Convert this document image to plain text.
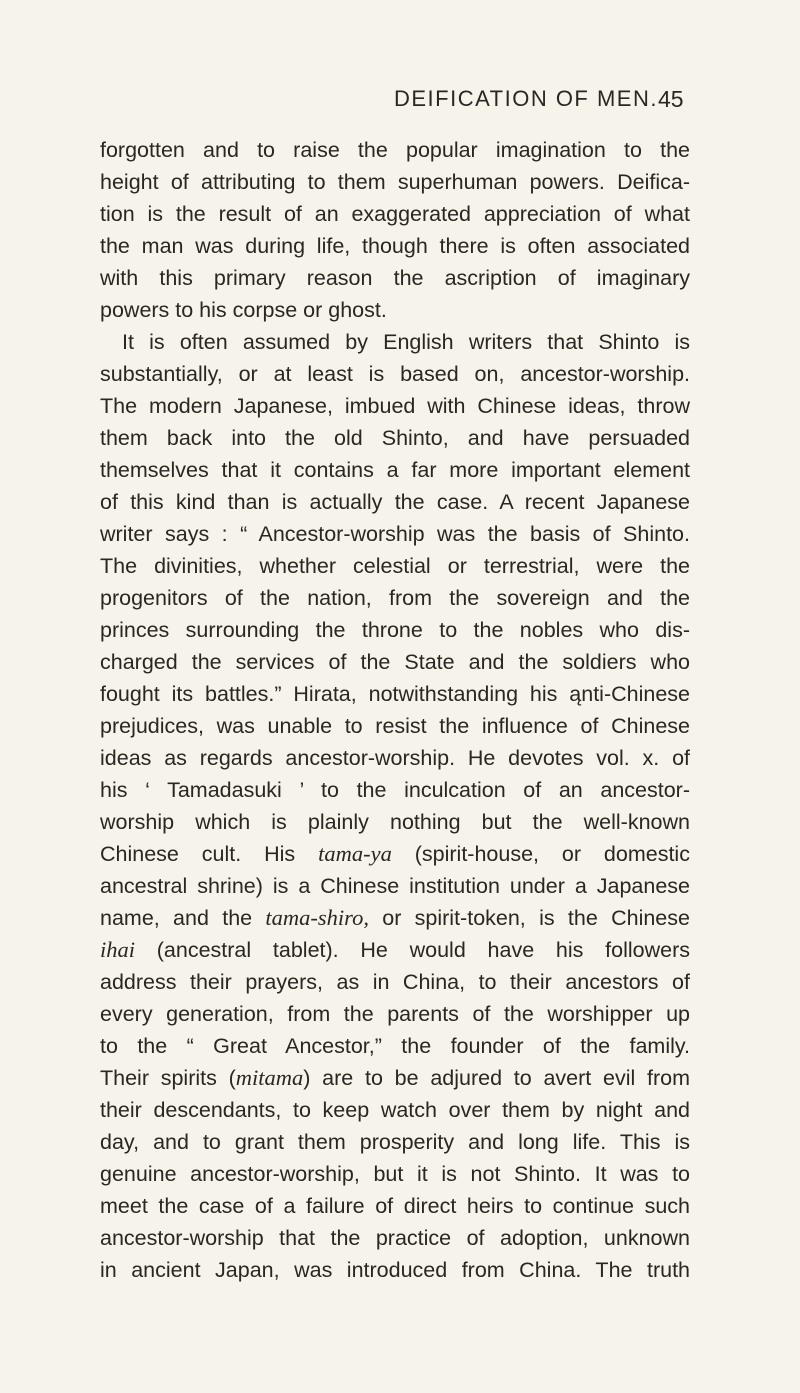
DEIFICATION OF MEN. 45
forgotten and to raise the popular imagination to the
height of attributing to them superhuman powers. Deifica-
tion is the result of an exaggerated appreciation of what
the man was during life, though there is often associated
with this primary reason the ascription of imaginary
powers to his corpse or ghost.
It is often assumed by English writers that Shinto is
substantially, or at least is based on, ancestor-worship.
The modern Japanese, imbued with Chinese ideas, throw
them back into the old Shinto, and have persuaded
themselves that it contains a far more important element
of this kind than is actually the case. A recent Japanese
writer says : “ Ancestor-worship was the basis of Shinto.
The divinities, whether celestial or terrestrial, were the
progenitors of the nation, from the sovereign and the
princes surrounding the throne to the nobles who dis-
charged the services of the State and the soldiers who
fought its battles.” Hirata, notwithstanding his ąnti-Chinese
prejudices, was unable to resist the influence of Chinese
ideas as regards ancestor-worship. He devotes vol. x. of
his ‘ Tamadasuki ’ to the inculcation of an ancestor-
worship which is plainly nothing but the well-known
Chinese cult. His tama-ya (spirit-house, or domestic
ancestral shrine) is a Chinese institution under a Japanese
name, and the tama-shiro, or spirit-token, is the Chinese
ihai (ancestral tablet). He would have his followers
address their prayers, as in China, to their ancestors of
every generation, from the parents of the worshipper up
to the “ Great Ancestor,” the founder of the family.
Their spirits (mitama) are to be adjured to avert evil from
their descendants, to keep watch over them by night and
day, and to grant them prosperity and long life. This is
genuine ancestor-worship, but it is not Shinto. It was to
meet the case of a failure of direct heirs to continue such
ancestor-worship that the practice of adoption, unknown
in ancient Japan, was introduced from China. The truth
